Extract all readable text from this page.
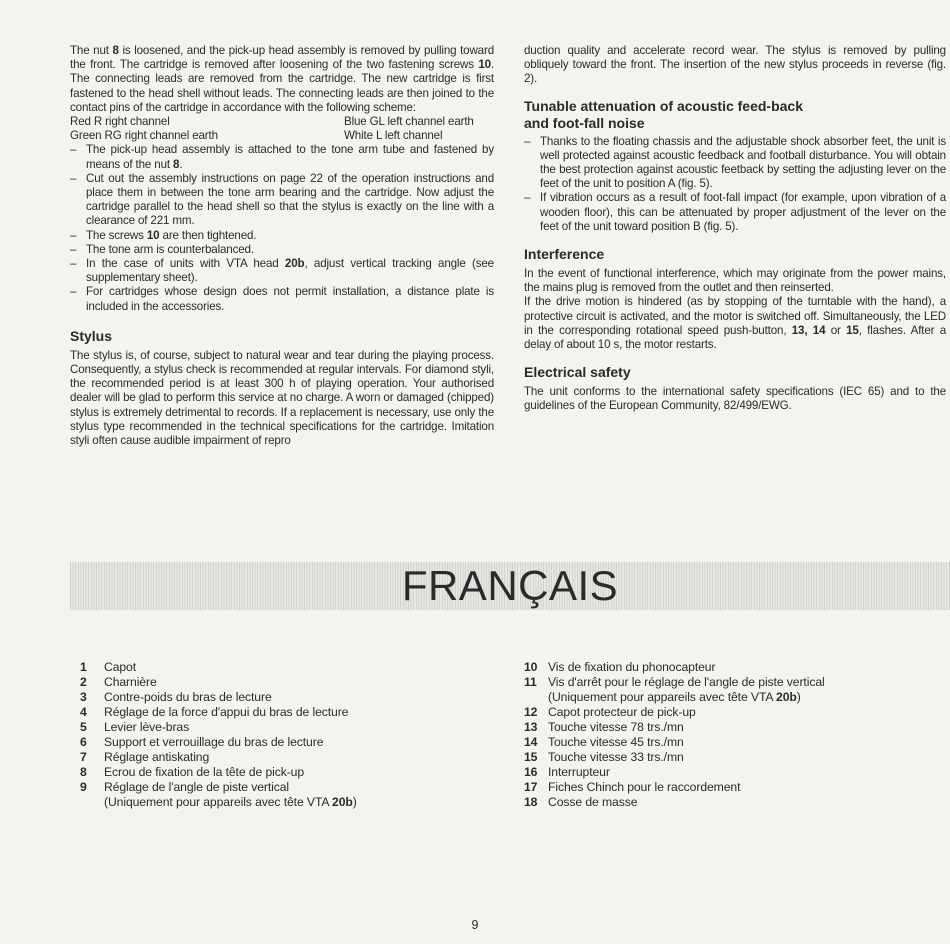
The nut 8 is loosened, and the pick-up head assembly is removed by pulling toward the front. The cartridge is removed after loosening of the two fastening screws 10. The connecting leads are removed from the cartridge. The new cartridge is first fastened to the head shell without leads. The connecting leads are then joined to the contact pins of the cartridge in accordance with the following scheme:

Red R right channel	Blue GL left channel earth
Green RG right channel earth	White L left channel
– The pick-up head assembly is attached to the tone arm tube and fastened by means of the nut 8.
– Cut out the assembly instructions on page 22 of the operation instructions and place them in between the tone arm bearing and the cartridge. Now adjust the cartridge parallel to the head shell so that the stylus is exactly on the line with a clearance of 221 mm.
– The screws 10 are then tightened.
– The tone arm is counterbalanced.
– In the case of units with VTA head 20b, adjust vertical tracking angle (see supplementary sheet).
– For cartridges whose design does not permit installation, a distance plate is included in the accessories.
Stylus

The stylus is, of course, subject to natural wear and tear during the playing process. Consequently, a stylus check is recommended at regular intervals. For diamond styli, the recommended period is at least 300 h of playing operation. Your authorised dealer will be glad to perform this service at no charge. A worn or damaged (chipped) stylus is extremely detrimental to records. If a replacement is necessary, use only the stylus type recommended in the technical specifications for the cartridge. Imitation styli often cause audible impairment of repro

duction quality and accelerate record wear. The stylus is removed by pulling obliquely toward the front. The insertion of the new stylus proceeds in reverse (fig. 2).

Tunable attenuation of acoustic feed-back
and foot-fall noise
– Thanks to the floating chassis and the adjustable shock absorber feet, the unit is well protected against acoustic feedback and football disturbance. You will obtain the best protection against acoustic feetback by setting the adjusting lever on the feet of the unit to position A (fig. 5).
– If vibration occurs as a result of foot-fall impact (for example, upon vibration of a wooden floor), this can be attenuated by proper adjustment of the lever on the feet of the unit toward position B (fig. 5).
Interference

In the event of functional interference, which may originate from the power mains, the mains plug is removed from the outlet and then reinserted.

If the drive motion is hindered (as by stopping of the turntable with the hand), a protective circuit is activated, and the motor is switched off. Simultaneously, the LED in the corresponding rotational speed push-button, 13, 14 or 15, flashes. After a delay of about 10 s, the motor restarts.

Electrical safety

The unit conforms to the international safety specifications (IEC 65) and to the guidelines of the European Community, 82/499/EWG.

FRANÇAIS
1	Capot
2	Charnière
3	Contre-poids du bras de lecture
4	Réglage de la force d'appui du bras de lecture
5	Levier lève-bras
6	Support et verrouillage du bras de lecture
7	Réglage antiskating
8	Ecrou de fixation de la tête de pick-up
9	Réglage de l'angle de piste vertical
(Uniquement pour appareils avec tête VTA 20b)
10 Vis de fixation du phonocapteur
11 Vis d'arrêt pour le réglage de l'angle de piste vertical
(Uniquement pour appareils avec tête VTA 20b)
12 Capot protecteur de pick-up
13 Touche vitesse 78 trs./mn
14 Touche vitesse 45 trs./mn
15 Touche vitesse 33 trs./mn
16 Interrupteur
17 Fiches Chinch pour le raccordement
18 Cosse de masse
9
